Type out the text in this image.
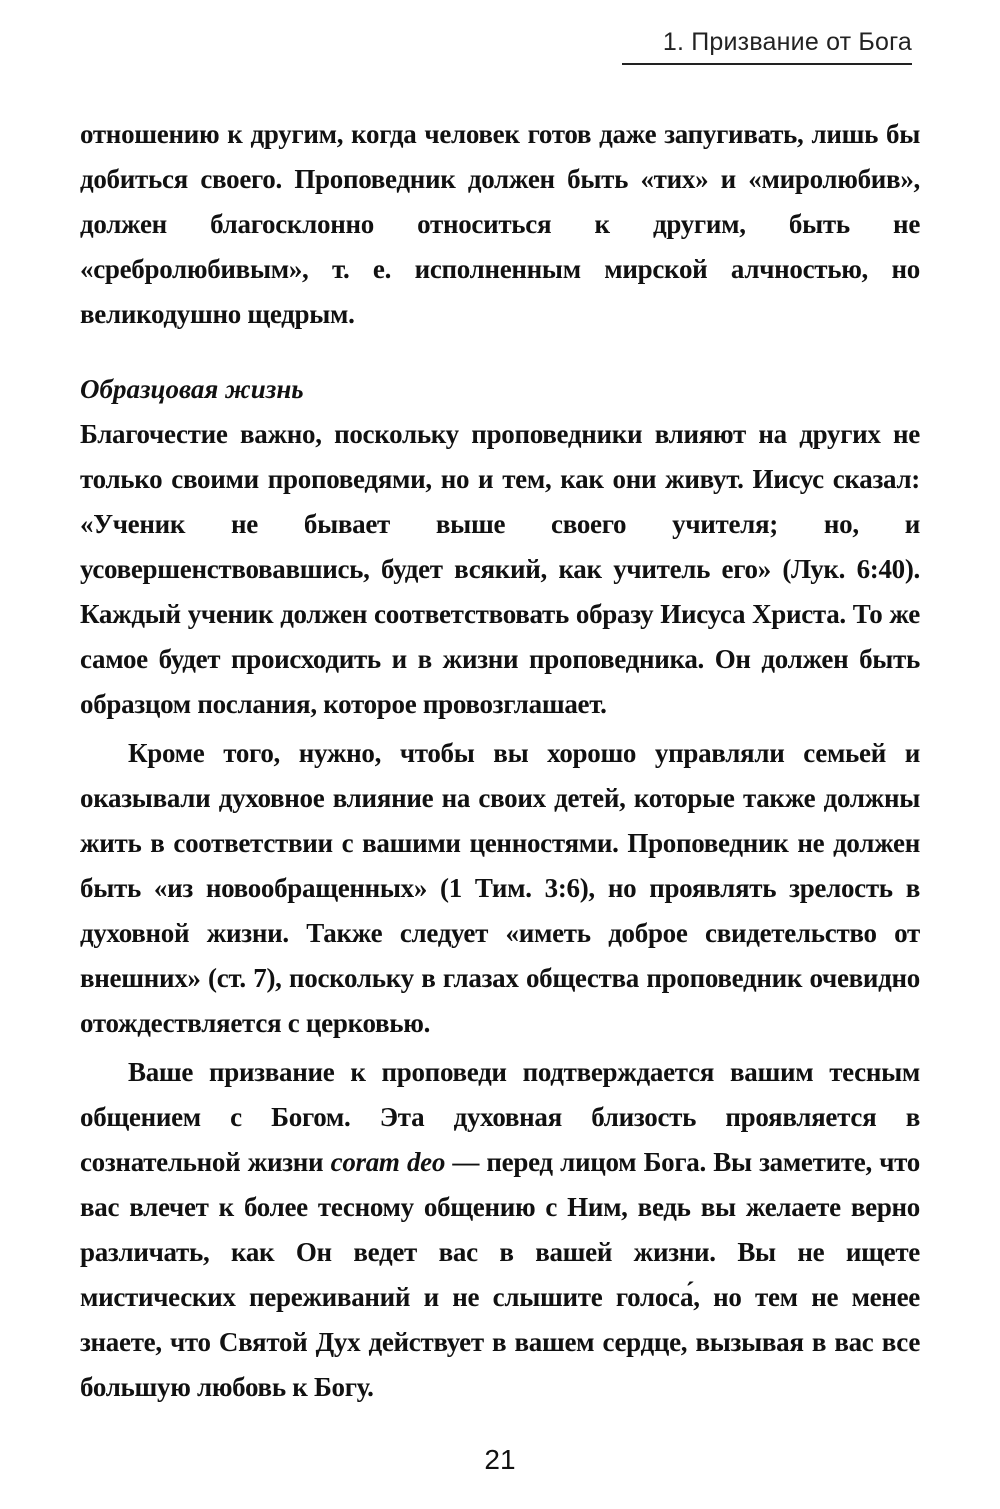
1. Призвание от Бога

отношению к другим, когда человек готов даже запугивать, лишь бы добиться своего. Проповедник должен быть «тих» и «миролюбив», должен благосклонно относиться к другим, быть не «сребролюбивым», т. е. исполненным мирской алчностью, но великодушно щедрым.

Образцовая жизнь

Благочестие важно, поскольку проповедники влияют на других не только своими проповедями, но и тем, как они живут. Иисус сказал: «Ученик не бывает выше своего учителя; но, и усовершенствовавшись, будет всякий, как учитель его» (Лук. 6:40). Каждый ученик должен соответствовать образу Иисуса Христа. То же самое будет происходить и в жизни проповедника. Он должен быть образцом послания, которое провозглашает.

Кроме того, нужно, чтобы вы хорошо управляли семьей и оказывали духовное влияние на своих детей, которые также должны жить в соответствии с вашими ценностями. Проповедник не должен быть «из новообращенных» (1 Тим. 3:6), но проявлять зрелость в духовной жизни. Также следует «иметь доброе свидетельство от внешних» (ст. 7), поскольку в глазах общества проповедник очевидно отождествляется с церковью.

Ваше призвание к проповеди подтверждается вашим тесным общением с Богом. Эта духовная близость проявляется в сознательной жизни coram deo — перед лицом Бога. Вы заметите, что вас влечет к более тесному общению с Ним, ведь вы желаете верно различать, как Он ведет вас в вашей жизни. Вы не ищете мистических переживаний и не слышите голоса́, но тем не менее знаете, что Святой Дух действует в вашем сердце, вызывая в вас все большую любовь к Богу.

21
